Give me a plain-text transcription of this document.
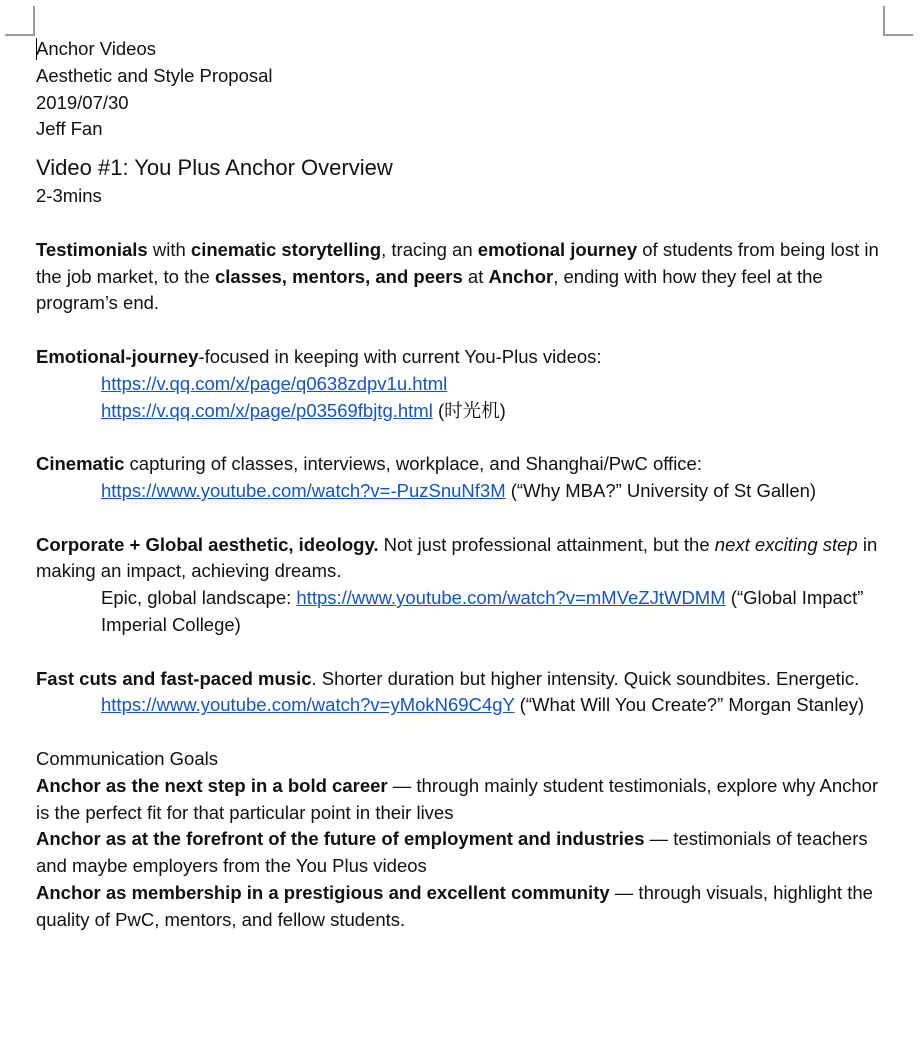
Anchor Videos
Aesthetic and Style Proposal
2019/07/30
Jeff Fan
Video #1: You Plus Anchor Overview
2-3mins
Testimonials with cinematic storytelling, tracing an emotional journey of students from being lost in the job market, to the classes, mentors, and peers at Anchor, ending with how they feel at the program’s end.
Emotional-journey-focused in keeping with current You-Plus videos:
https://v.qq.com/x/page/q0638zdpv1u.html
https://v.qq.com/x/page/p03569fbjtg.html (时光机)
Cinematic capturing of classes, interviews, workplace, and Shanghai/PwC office:
https://www.youtube.com/watch?v=-PuzSnuNf3M (“Why MBA?” University of St Gallen)
Corporate + Global aesthetic, ideology. Not just professional attainment, but the next exciting step in making an impact, achieving dreams.
Epic, global landscape: https://www.youtube.com/watch?v=mMVeZJtWDMM (“Global Impact” Imperial College)
Fast cuts and fast-paced music. Shorter duration but higher intensity. Quick soundbites. Energetic.
https://www.youtube.com/watch?v=yMokN69C4gY (“What Will You Create?” Morgan Stanley)
Communication Goals
Anchor as the next step in a bold career — through mainly student testimonials, explore why Anchor is the perfect fit for that particular point in their lives
Anchor as at the forefront of the future of employment and industries — testimonials of teachers and maybe employers from the You Plus videos
Anchor as membership in a prestigious and excellent community — through visuals, highlight the quality of PwC, mentors, and fellow students.
